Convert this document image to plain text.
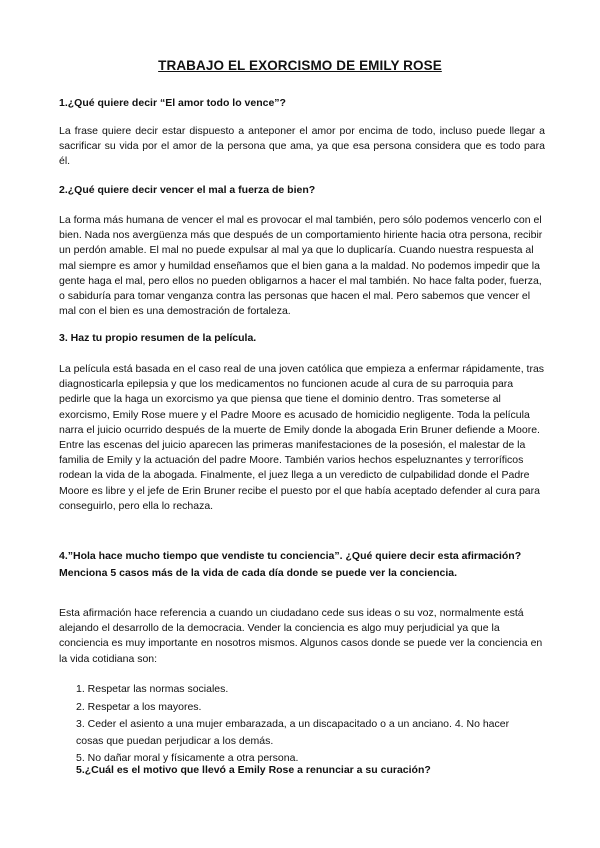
TRABAJO EL EXORCISMO DE EMILY ROSE
1.¿Qué quiere decir “El amor todo lo vence”?
La frase quiere decir estar dispuesto a anteponer el amor por encima de todo, incluso puede llegar a sacrificar su vida por el amor de la persona que ama, ya que esa persona considera que es todo para él.
2.¿Qué quiere decir vencer el mal a fuerza de bien?
La forma más humana de vencer el mal es provocar el mal también, pero sólo podemos vencerlo con el bien. Nada nos avergüenza más que después de un comportamiento hiriente hacia otra persona, recibir un perdón amable. El mal no puede expulsar al mal ya que lo duplicaría. Cuando nuestra respuesta al mal siempre es amor y humildad enseñamos que el bien gana a la maldad. No podemos impedir que la gente haga el mal, pero ellos no pueden obligarnos a hacer el mal también. No hace falta poder, fuerza, o sabiduría para tomar venganza contra las personas que hacen el mal. Pero sabemos que vencer el mal con el bien es una demostración de fortaleza.
3. Haz tu propio resumen de la película.
La película está basada en el caso real de una joven católica que empieza a enfermar rápidamente, tras diagnosticarla epilepsia y que los medicamentos no funcionen acude al cura de su parroquia para pedirle que la haga un exorcismo ya que piensa que tiene el dominio dentro. Tras someterse al exorcismo, Emily Rose muere y el Padre Moore es acusado de homicidio negligente. Toda la película narra el juicio ocurrido después de la muerte de Emily donde la abogada Erin Bruner defiende a Moore. Entre las escenas del juicio aparecen las primeras manifestaciones de la posesión, el malestar de la familia de Emily y la actuación del padre Moore. También varios hechos espeluznantes y terroríficos rodean la vida de la abogada. Finalmente, el juez llega a un veredicto de culpabilidad donde el Padre Moore es libre y el jefe de Erin Bruner recibe el puesto por el que había aceptado defender al cura para conseguirlo, pero ella lo rechaza.
4.”Hola hace mucho tiempo que vendiste tu conciencia”. ¿Qué quiere decir esta afirmación? Menciona 5 casos más de la vida de cada día donde se puede ver la conciencia.
Esta afirmación hace referencia a cuando un ciudadano cede sus ideas o su voz, normalmente está alejando el desarrollo de la democracia. Vender la conciencia es algo muy perjudicial ya que la conciencia es muy importante en nosotros mismos. Algunos casos donde se puede ver la conciencia en la vida cotidiana son:
1. Respetar las normas sociales.
2. Respetar a los mayores.
3. Ceder el asiento a una mujer embarazada, a un discapacitado o a un anciano. 4. No hacer cosas que puedan perjudicar a los demás.
5. No dañar moral y físicamente a otra persona.
5.¿Cuál es el motivo que llevó a Emily Rose a renunciar a su curación?
